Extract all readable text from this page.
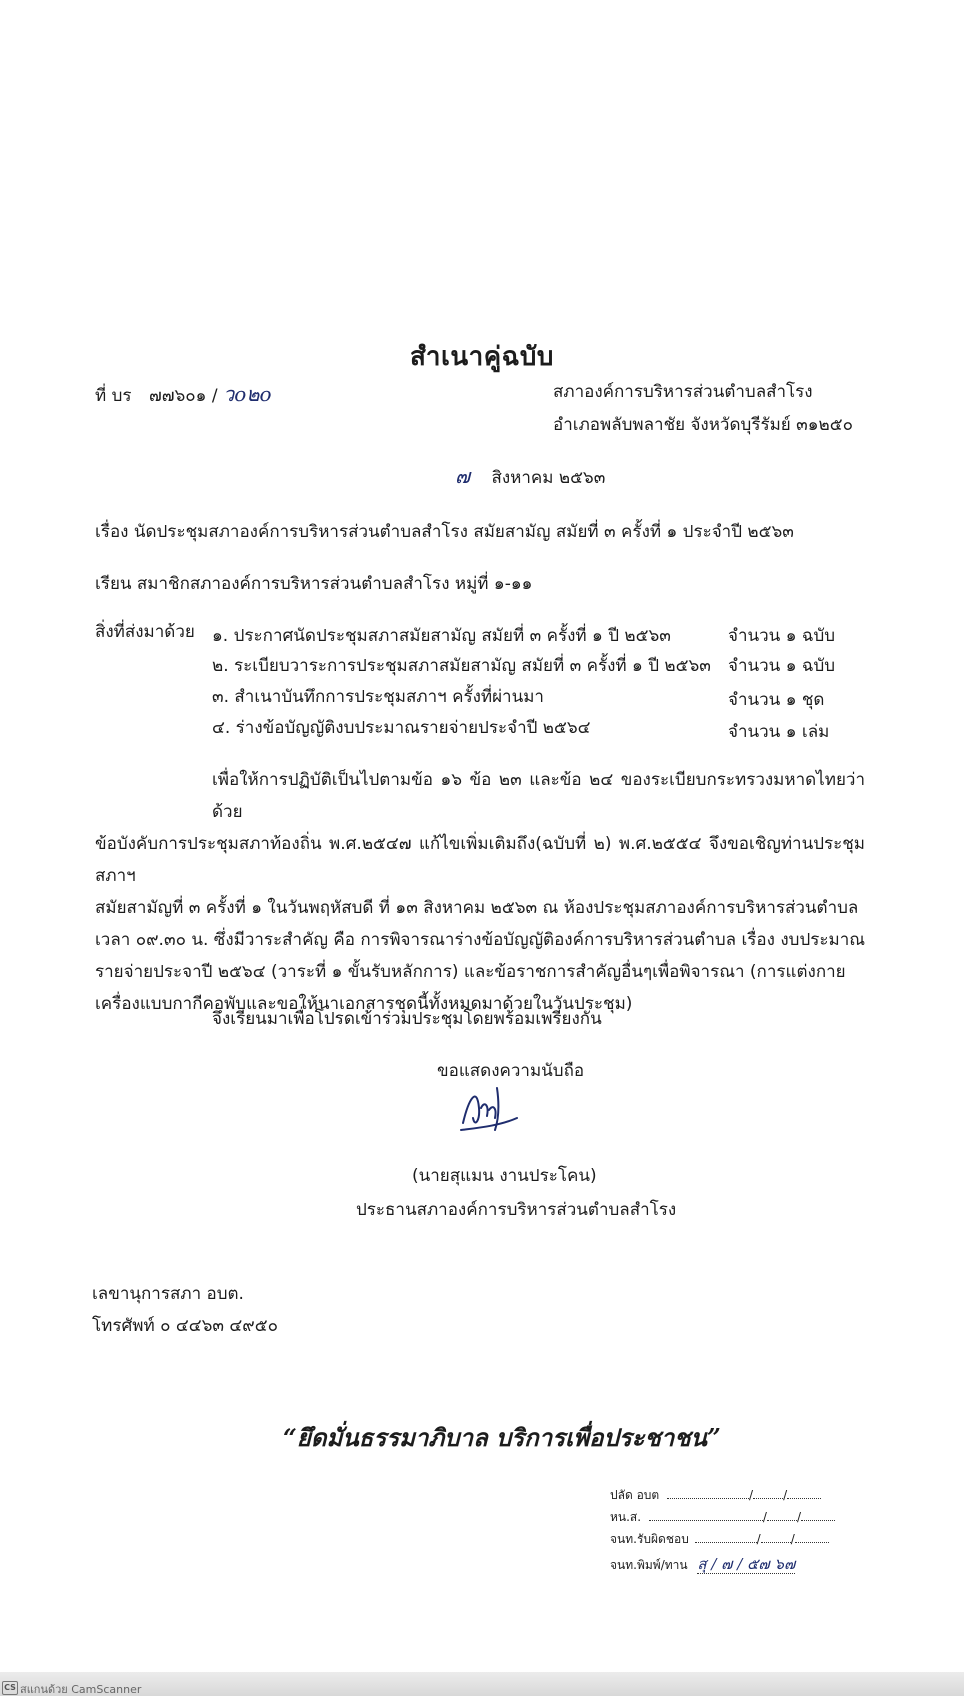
สำเนาคู่ฉบับ
ที่ บร ๗๗๖๐๑ / วo๒o	สภาองค์การบริหารส่วนตำบลสำโรง
อำเภอพลับพลาชัย จังหวัดบุรีรัมย์ ๓๑๒๕๐
๗ สิงหาคม ๒๕๖๓
เรื่อง นัดประชุมสภาองค์การบริหารส่วนตำบลสำโรง สมัยสามัญ สมัยที่ ๓ ครั้งที่ ๑ ประจำปี ๒๕๖๓
เรียน สมาชิกสภาองค์การบริหารส่วนตำบลสำโรง หมู่ที่ ๑-๑๑
สิ่งที่ส่งมาด้วย ๑. ประกาศนัดประชุมสภาสมัยสามัญ สมัยที่ ๓ ครั้งที่ ๑ ปี ๒๕๖๓	จำนวน ๑ ฉบับ
๒. ระเบียบวาระการประชุมสภาสมัยสามัญ สมัยที่ ๓ ครั้งที่ ๑ ปี ๒๕๖๓ จำนวน ๑ ฉบับ
๓. สำเนาบันทึกการประชุมสภาฯ ครั้งที่ผ่านมา	จำนวน ๑ ชุด
๔. ร่างข้อบัญญัติงบประมาณรายจ่ายประจำปี ๒๕๖๔	จำนวน ๑ เล่ม

เพื่อให้การปฏิบัติเป็นไปตามข้อ ๑๖ ข้อ ๒๓ และข้อ ๒๔ ของระเบียบกระทรวงมหาดไทยว่าด้วย

ข้อบังคับการประชุมสภาท้องถิ่น พ.ศ.๒๕๔๗ แก้ไขเพิ่มเติมถึง(ฉบับที่ ๒) พ.ศ.๒๕๕๔ จึงขอเชิญท่านประชุมสภาฯ

สมัยสามัญที่ ๓ ครั้งที่ ๑ ในวันพฤหัสบดี ที่ ๑๓ สิงหาคม ๒๕๖๓ ณ ห้องประชุมสภาองค์การบริหารส่วนตำบล

เวลา ๐๙.๓๐ น. ซึ่งมีวาระสำคัญ คือ การพิจารณาร่างข้อบัญญัติองค์การบริหารส่วนตำบล เรื่อง งบประมาณ

รายจ่ายประจาปี ๒๕๖๔ (วาระที่ ๑ ขั้นรับหลักการ) และข้อราชการสำคัญอื่นๆเพื่อพิจารณา (การแต่งกาย

เครื่องแบบกากีคอพับและขอให้นาเอกสารชุดนี้ทั้งหมดมาด้วยในวันประชุม)

จึงเรียนมาเพื่อโปรดเข้าร่วมประชุมโดยพร้อมเพรียงกัน
ขอแสดงความนับถือ
(นายสุแมน งานประโคน)
ประธานสภาองค์การบริหารส่วนตำบลสำโรง
เลขานุการสภา อบต.
โทรศัพท์ ๐ ๔๔๖๓ ๔๙๕๐
“ยึดมั่นธรรมาภิบาล บริการเพื่อประชาชน”
ปลัด อบต	/	/
หน.ส.	/	/
จนท.รับผิดชอบ	/	/
จนท.พิมพ์/ทาน สุ / ๗ / ๕๗ ๖๗
CS สแกนด้วย CamScanner
